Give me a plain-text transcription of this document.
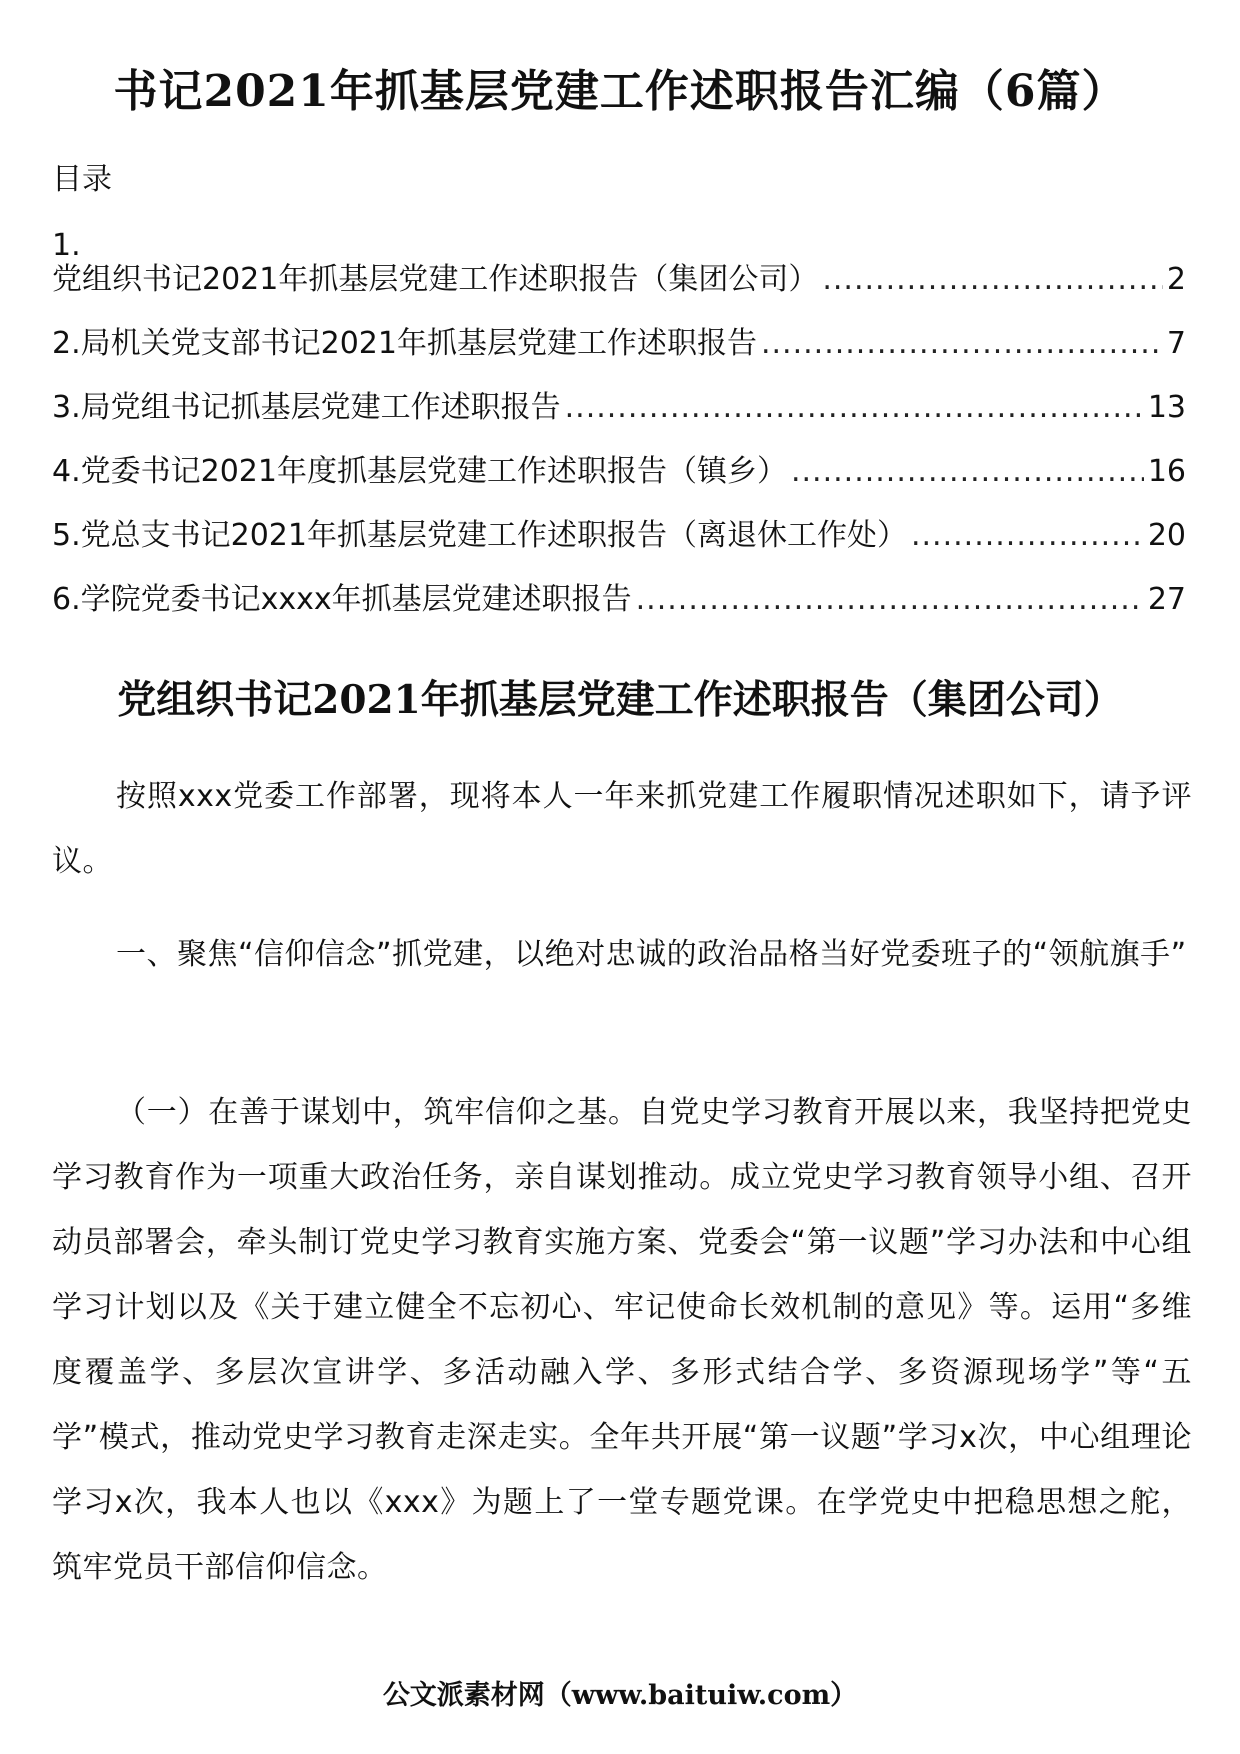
书记2021年抓基层党建工作述职报告汇编（6篇）
目录
1.
党组织书记2021年抓基层党建工作述职报告（集团公司） .....	2
2.局机关党支部书记2021年抓基层党建工作述职报告 .....	7
3.局党组书记抓基层党建工作述职报告 .....	13
4.党委书记2021年度抓基层党建工作述职报告（镇乡） .....	16
5.党总支书记2021年抓基层党建工作述职报告（离退休工作处） .....	20
6.学院党委书记xxxx年抓基层党建述职报告 .....	27
党组织书记2021年抓基层党建工作述职报告（集团公司）
按照xxx党委工作部署，现将本人一年来抓党建工作履职情况述职如下，请予评议。
一、聚焦“信仰信念”抓党建，以绝对忠诚的政治品格当好党委班子的“领航旗手”
（一）在善于谋划中，筑牢信仰之基。自党史学习教育开展以来，我坚持把党史学习教育作为一项重大政治任务，亲自谋划推动。成立党史学习教育领导小组、召开动员部署会，牵头制订党史学习教育实施方案、党委会“第一议题”学习办法和中心组学习计划以及《关于建立健全不忘初心、牢记使命长效机制的意见》等。运用“多维度覆盖学、多层次宣讲学、多活动融入学、多形式结合学、多资源现场学”等“五学”模式，推动党史学习教育走深走实。全年共开展“第一议题”学习x次，中心组理论学习x次，我本人也以《xxx》为题上了一堂专题党课。在学党史中把稳思想之舵，筑牢党员干部信仰信念。
公文派素材网（www.baituiw.com）
